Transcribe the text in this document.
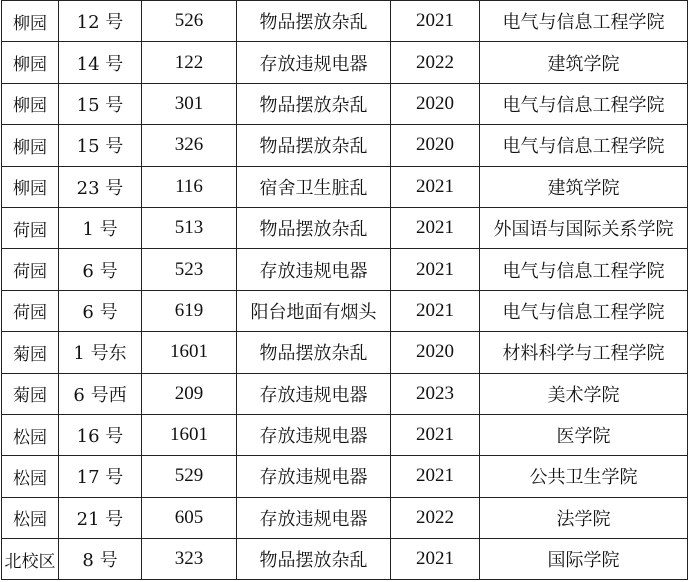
柳园	12 号	526	物品摆放杂乱	2021	电气与信息工程学院
柳园	14 号	122	存放违规电器	2022	建筑学院
柳园	15 号	301	物品摆放杂乱	2020	电气与信息工程学院
柳园	15 号	326	物品摆放杂乱	2020	电气与信息工程学院
柳园	23 号	116	宿舍卫生脏乱	2021	建筑学院
荷园	1 号	513	物品摆放杂乱	2021	外国语与国际关系学院
荷园	6 号	523	存放违规电器	2021	电气与信息工程学院
荷园	6 号	619	阳台地面有烟头	2021	电气与信息工程学院
菊园	1 号东	1601	物品摆放杂乱	2020	材料科学与工程学院
菊园	6 号西	209	存放违规电器	2023	美术学院
松园	16 号	1601	存放违规电器	2021	医学院
松园	17 号	529	存放违规电器	2021	公共卫生学院
松园	21 号	605	存放违规电器	2022	法学院
北校区	8 号	323	物品摆放杂乱	2021	国际学院
